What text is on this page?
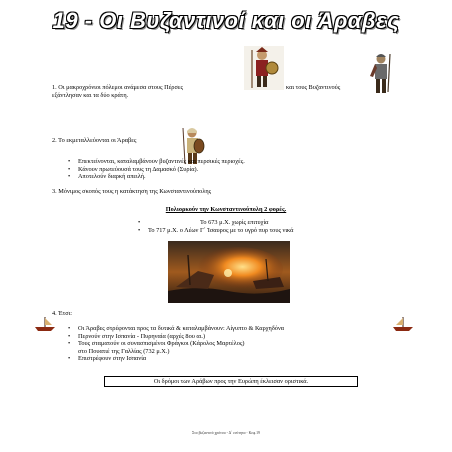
19 - Οι Βυζαντινοί και οι Άραβες
1. Οι μακροχρόνιοι πόλεμοι ανάμεσα στους Πέρσες	και τους Βυζαντινούς
εξάντλησαν και τα δύο κράτη.
2. Το εκμεταλλεύονται οι Άραβες
• Επεκτείνονται, καταλαμβάνουν βυζαντινές και περσικές περιοχές.
• Κάνουν πρωτεύουσά τους τη Δαμασκό (Συρία).
• Αποτελούν διαρκή απειλή.
3. Μόνιμος σκοπός τους η κατάκτηση της Κωνσταντινούπολης
Πολιορκούν την Κωνσταντινούπολη 2 φορές.
• Το 673 μ.Χ. χωρίς επιτυχία
• Το 717 μ.Χ. ο Λέων Γ΄ Ίσαυρος με το υγρό πυρ τους νικά
4. Έτσι:
• Οι Άραβες στρέφονται προς τα δυτικά & καταλαμβάνουν: Αίγυπτο & Καρχηδόνα
• Περνούν στην Ισπανία - Πυρηναία (αρχές 8ου αι.)
• Τους σταματούν οι συνασπισμένοι Φράγκοι (Κάρολος Μαρτέλος)
στο Πουατιέ της Γαλλίας (732 μ.Χ.)
• Επιστρέφουν στην Ισπανία
Οι δρόμοι των Αράβων προς την Ευρώπη έκλεισαν οριστικά.
Στο βυζαντινό χρόνου - Δ΄ ενότητα - Κεφ.19
